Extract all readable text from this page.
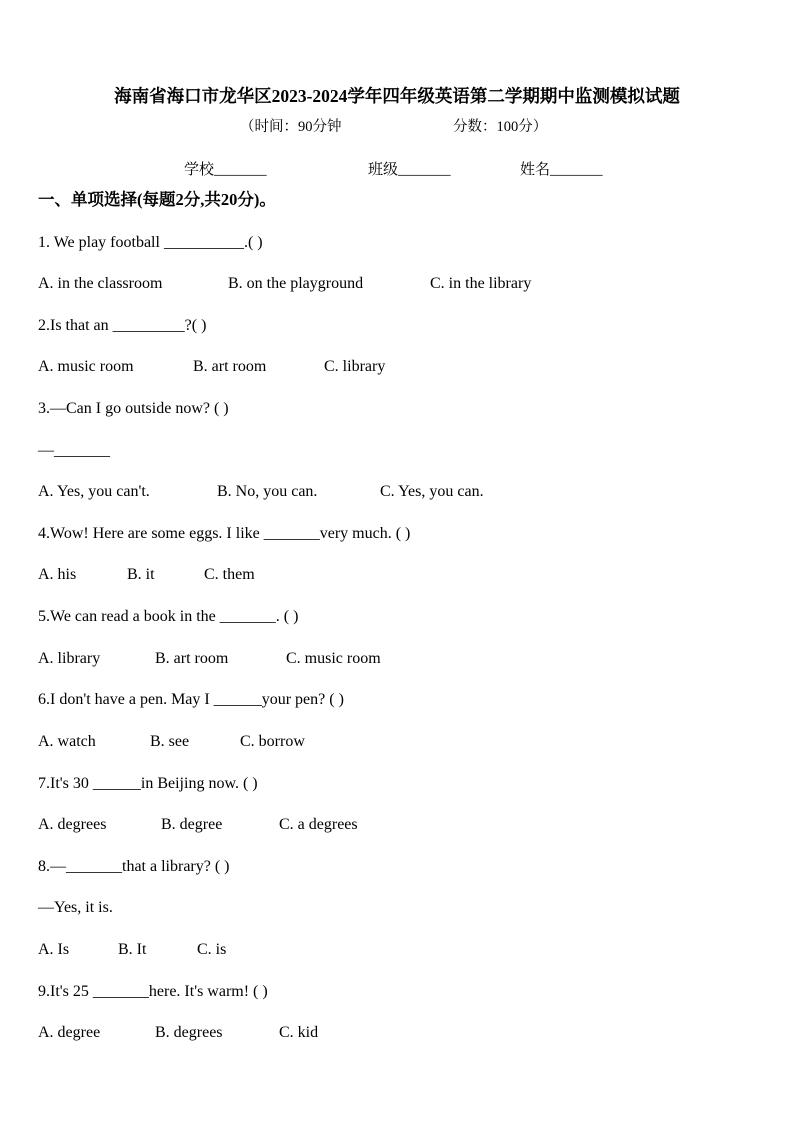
海南省海口市龙华区2023-2024学年四年级英语第二学期期中监测模拟试题
（时间：90分钟	分数：100分）
学校_______	班级_______	姓名_______
一、单项选择(每题2分,共20分)。
1. We play football __________.( )
A. in the classroom	B. on the playground	C. in the library
2.Is that an _________?( )
A. music room	B. art room	C. library
3.—Can I go outside now? ( )
—_______
A. Yes, you can't.	B. No, you can.	C. Yes, you can.
4.Wow! Here are some eggs. I like _______very much. ( )
A. his	B. it	C. them
5.We can read a book in the _______. ( )
A. library	B. art room	C. music room
6.I don't have a pen. May I ______your pen? ( )
A. watch	B. see	C. borrow
7.It's 30 ______in Beijing now. ( )
A. degrees	B. degree	C. a degrees
8.—_______that a library? ( )
—Yes, it is.
A. Is	B. It	C. is
9.It's 25 _______here. It's warm! ( )
A. degree	B. degrees	C. kid
